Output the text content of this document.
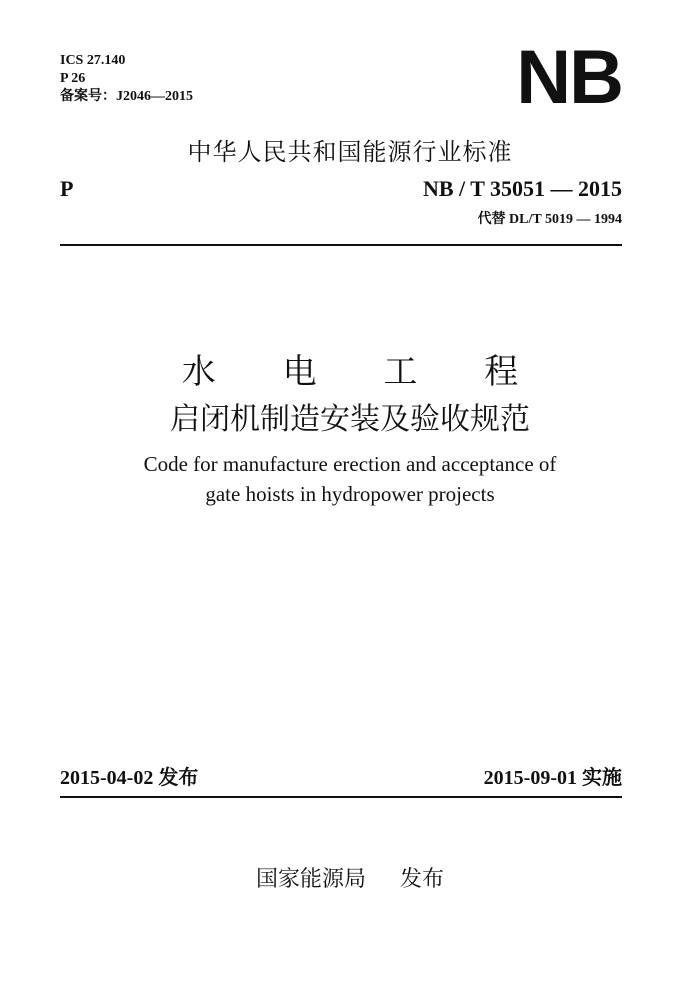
ICS 27.140
P 26
备案号：J2046—2015	NB
中华人民共和国能源行业标准
P	NB / T 35051 — 2015
代替 DL/T 5019 — 1994
水 电 工 程
启闭机制造安装及验收规范
Code for manufacture erection and acceptance of
gate hoists in hydropower projects
2015-04-02 发布	2015-09-01 实施
国家能源局 发布
